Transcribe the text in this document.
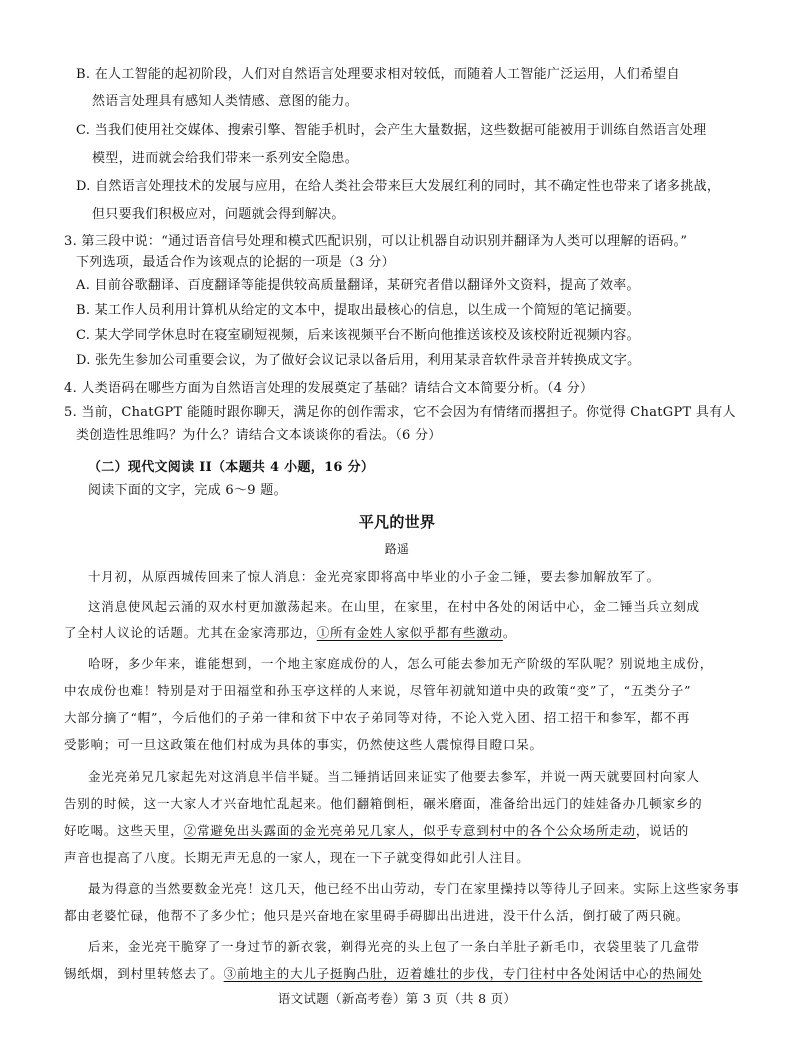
B. 在人工智能的起初阶段，人们对自然语言处理要求相对较低，而随着人工智能广泛运用，人们希望自
然语言处理具有感知人类情感、意图的能力。
C. 当我们使用社交媒体、搜索引擎、智能手机时，会产生大量数据，这些数据可能被用于训练自然语言处理
模型，进而就会给我们带来一系列安全隐患。
D. 自然语言处理技术的发展与应用，在给人类社会带来巨大发展红利的同时，其不确定性也带来了诸多挑战，
但只要我们积极应对，问题就会得到解决。
3. 第三段中说：“通过语音信号处理和模式匹配识别，可以让机器自动识别并翻译为人类可以理解的语码。”
下列选项，最适合作为该观点的论据的一项是（3 分）
A. 目前谷歌翻译、百度翻译等能提供较高质量翻译，某研究者借以翻译外文资料，提高了效率。
B. 某工作人员利用计算机从给定的文本中，提取出最核心的信息，以生成一个简短的笔记摘要。
C. 某大学同学休息时在寝室刷短视频，后来该视频平台不断向他推送该校及该校附近视频内容。
D. 张先生参加公司重要会议，为了做好会议记录以备后用，利用某录音软件录音并转换成文字。
4. 人类语码在哪些方面为自然语言处理的发展奠定了基础？请结合文本简要分析。（4 分）
5. 当前，ChatGPT 能随时跟你聊天，满足你的创作需求，它不会因为有情绪而撂担子。你觉得 ChatGPT 具有人
类创造性思维吗？为什么？请结合文本谈谈你的看法。（6 分）
（二）现代文阅读 II（本题共 4 小题，16 分）
阅读下面的文字，完成 6～9 题。
平凡的世界
路遥
十月初，从原西城传回来了惊人消息：金光亮家即将高中毕业的小子金二锤，要去参加解放军了。
这消息使风起云涌的双水村更加激荡起来。在山里，在家里，在村中各处的闲话中心，金二锤当兵立刻成
了全村人议论的话题。尤其在金家湾那边，①所有金姓人家似乎都有些激动。
哈呀，多少年来，谁能想到，一个地主家庭成份的人，怎么可能去参加无产阶级的军队呢？别说地主成份，
中农成份也难！特别是对于田福堂和孙玉亭这样的人来说，尽管年初就知道中央的政策“变”了，“五类分子”
大部分摘了“帽”，今后他们的子弟一律和贫下中农子弟同等对待，不论入党入团、招工招干和参军，都不再
受影响；可一旦这政策在他们村成为具体的事实，仍然使这些人震惊得目瞪口呆。
金光亮弟兄几家起先对这消息半信半疑。当二锤捎话回来证实了他要去参军，并说一两天就要回村向家人
告别的时候，这一大家人才兴奋地忙乱起来。他们翻箱倒柜，碾米磨面，准备给出远门的娃娃备办几顿家乡的
好吃喝。这些天里，②常避免出头露面的金光亮弟兄几家人，似乎专意到村中的各个公众场所走动，说话的
声音也提高了八度。长期无声无息的一家人，现在一下子就变得如此引人注目。
最为得意的当然要数金光亮！这几天，他已经不出山劳动，专门在家里操持以等待儿子回来。实际上这些家务事
都由老婆忙碌，他帮不了多少忙；他只是兴奋地在家里碍手碍脚出出进进，没干什么活，倒打破了两只碗。
后来，金光亮干脆穿了一身过节的新衣裳，剃得光亮的头上包了一条白羊肚子新毛巾，衣袋里装了几盒带
锡纸烟，到村里转悠去了。③前地主的大儿子挺胸凸肚，迈着雄壮的步伐，专门往村中各处闲话中心的热闹处
语文试题（新高考卷）第 3 页（共 8 页）
